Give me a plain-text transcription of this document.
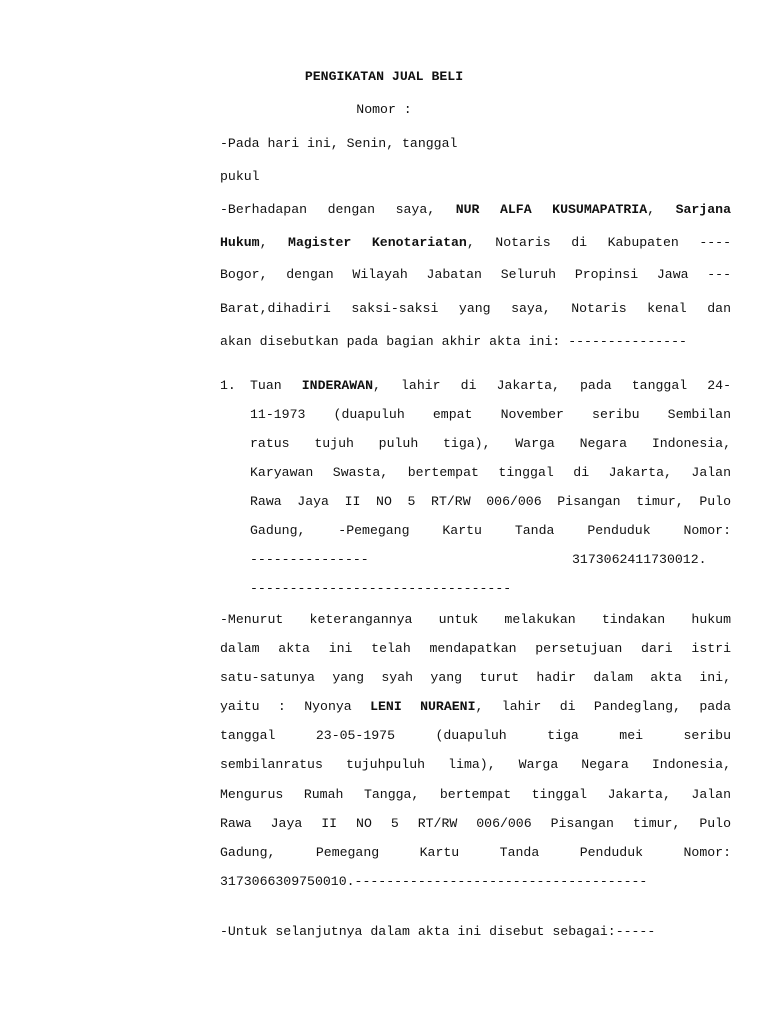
PENGIKATAN JUAL BELI
Nomor :
-Pada hari ini, Senin, tanggal
pukul
-Berhadapan dengan saya, NUR ALFA KUSUMAPATRIA, Sarjana
Hukum, Magister Kenotariatan, Notaris di Kabupaten ----
Bogor, dengan Wilayah Jabatan Seluruh Propinsi Jawa ---
Barat,dihadiri saksi-saksi yang saya, Notaris kenal dan
akan disebutkan pada bagian akhir akta ini: ---------------
1. Tuan INDERAWAN, lahir di Jakarta, pada tanggal 24-
11-1973 (duapuluh empat November seribu Sembilan
ratus tujuh puluh tiga), Warga Negara Indonesia,
Karyawan Swasta, bertempat tinggal di Jakarta, Jalan
Rawa Jaya II NO 5 RT/RW 006/006 Pisangan timur, Pulo
Gadung, -Pemegang Kartu Tanda Penduduk Nomor:
---------------	3173062411730012.
---------------------------------
-Menurut keterangannya untuk melakukan tindakan hukum
dalam akta ini telah mendapatkan persetujuan dari istri
satu-satunya yang syah yang turut hadir dalam akta ini,
yaitu : Nyonya LENI NURAENI, lahir di Pandeglang, pada
tanggal 23-05-1975 (duapuluh tiga mei seribu
sembilanratus tujuhpuluh lima), Warga Negara Indonesia,
Mengurus Rumah Tangga, bertempat tinggal Jakarta, Jalan
Rawa Jaya II NO 5 RT/RW 006/006 Pisangan timur, Pulo
Gadung, Pemegang Kartu Tanda Penduduk Nomor:
3173066309750010.-------------------------------------
-Untuk selanjutnya dalam akta ini disebut sebagai:-----
